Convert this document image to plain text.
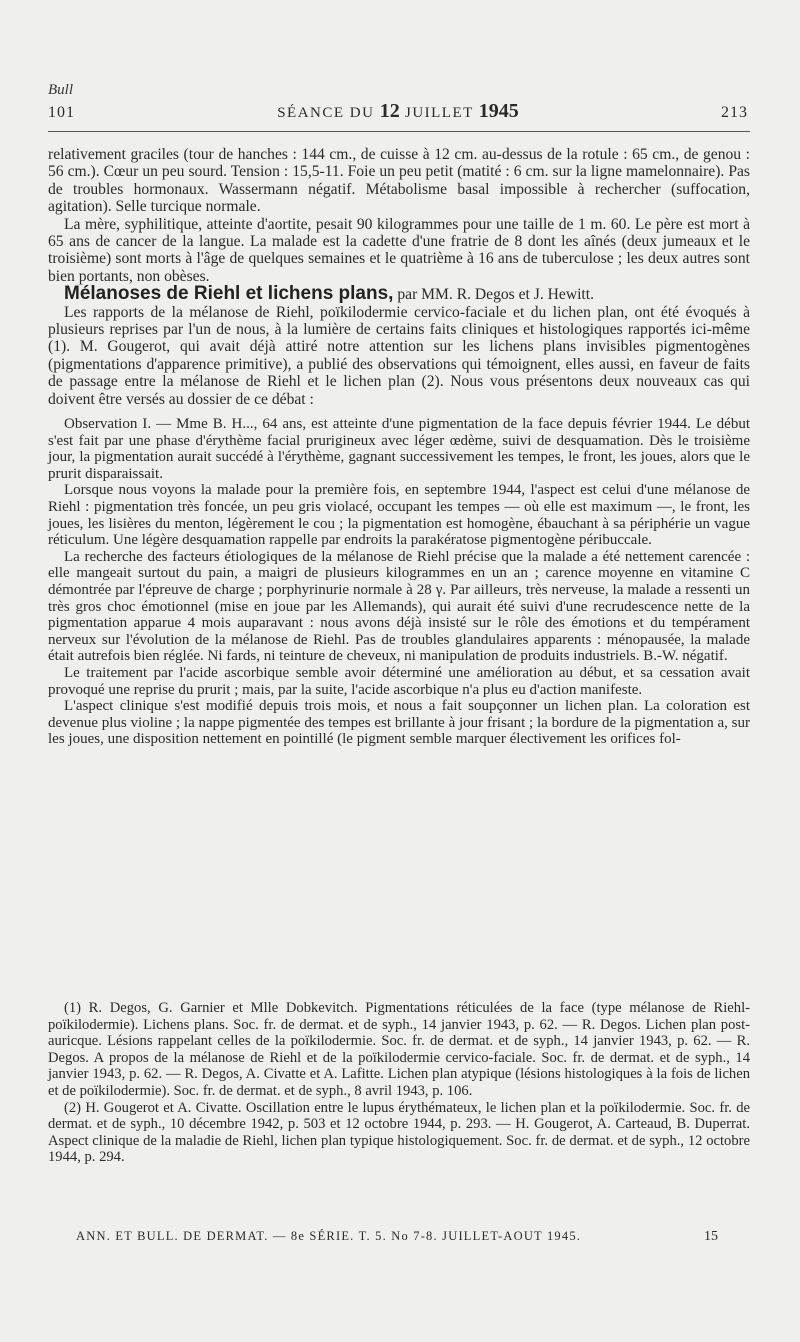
Bull
101	SÉANCE DU 12 JUILLET 1945	213

relativement graciles (tour de hanches : 144 cm., de cuisse à 12 cm. au-dessus de la rotule : 65 cm., de genou : 56 cm.). Cœur un peu sourd. Tension : 15,5-11. Foie un peu petit (matité : 6 cm. sur la ligne mamelonnaire). Pas de troubles hormonaux. Wassermann négatif. Métabolisme basal impossible à rechercher (suffocation, agitation). Selle turcique normale.

La mère, syphilitique, atteinte d'aortite, pesait 90 kilogrammes pour une taille de 1 m. 60. Le père est mort à 65 ans de cancer de la langue. La malade est la cadette d'une fratrie de 8 dont les aînés (deux jumeaux et le troisième) sont morts à l'âge de quelques semaines et le quatrième à 16 ans de tuberculose ; les deux autres sont bien portants, non obèses.

Mélanoses de Riehl et lichens plans, par MM. R. Degos et J. Hewitt.

Les rapports de la mélanose de Riehl, poïkilodermie cervico-faciale et du lichen plan, ont été évoqués à plusieurs reprises par l'un de nous, à la lumière de certains faits cliniques et histologiques rapportés ici-même (1). M. Gougerot, qui avait déjà attiré notre attention sur les lichens plans invisibles pigmentogènes (pigmentations d'apparence primitive), a publié des observations qui témoignent, elles aussi, en faveur de faits de passage entre la mélanose de Riehl et le lichen plan (2). Nous vous présentons deux nouveaux cas qui doivent être versés au dossier de ce débat :

Observation I. — Mme B. H..., 64 ans, est atteinte d'une pigmentation de la face depuis février 1944. Le début s'est fait par une phase d'érythème facial prurigineux avec léger œdème, suivi de desquamation. Dès le troisième jour, la pigmentation aurait succédé à l'érythème, gagnant successivement les tempes, le front, les joues, alors que le prurit disparaissait.

Lorsque nous voyons la malade pour la première fois, en septembre 1944, l'aspect est celui d'une mélanose de Riehl : pigmentation très foncée, un peu gris violacé, occupant les tempes — où elle est maximum —, le front, les joues, les lisières du menton, légèrement le cou ; la pigmentation est homogène, ébauchant à sa périphérie un vague réticulum. Une légère desquamation rappelle par endroits la parakératose pigmentogène péribuccale.

La recherche des facteurs étiologiques de la mélanose de Riehl précise que la malade a été nettement carencée : elle mangeait surtout du pain, a maigri de plusieurs kilogrammes en un an ; carence moyenne en vitamine C démontrée par l'épreuve de charge ; porphyrinurie normale à 28 γ. Par ailleurs, très nerveuse, la malade a ressenti un très gros choc émotionnel (mise en joue par les Allemands), qui aurait été suivi d'une recrudescence nette de la pigmentation apparue 4 mois auparavant : nous avons déjà insisté sur le rôle des émotions et du tempérament nerveux sur l'évolution de la mélanose de Riehl. Pas de troubles glandulaires apparents : ménopausée, la malade était autrefois bien réglée. Ni fards, ni teinture de cheveux, ni manipulation de produits industriels. B.-W. négatif.

Le traitement par l'acide ascorbique semble avoir déterminé une amélioration au début, et sa cessation avait provoqué une reprise du prurit ; mais, par la suite, l'acide ascorbique n'a plus eu d'action manifeste.

L'aspect clinique s'est modifié depuis trois mois, et nous a fait soupçonner un lichen plan. La coloration est devenue plus violine ; la nappe pigmentée des tempes est brillante à jour frisant ; la bordure de la pigmentation a, sur les joues, une disposition nettement en pointillé (le pigment semble marquer électivement les orifices fol-

(1) R. Degos, G. Garnier et Mlle Dobkevitch. Pigmentations réticulées de la face (type mélanose de Riehl-poïkilodermie). Lichens plans. Soc. fr. de dermat. et de syph., 14 janvier 1943, p. 62. — R. Degos. Lichen plan post-auricque. Lésions rappelant celles de la poïkilodermie. Soc. fr. de dermat. et de syph., 14 janvier 1943, p. 62. — R. Degos. A propos de la mélanose de Riehl et de la poïkilodermie cervico-faciale. Soc. fr. de dermat. et de syph., 14 janvier 1943, p. 62. — R. Degos, A. Civatte et A. Lafitte. Lichen plan atypique (lésions histologiques à la fois de lichen et de poïkilodermie). Soc. fr. de dermat. et de syph., 8 avril 1943, p. 106.

(2) H. Gougerot et A. Civatte. Oscillation entre le lupus érythémateux, le lichen plan et la poïkilodermie. Soc. fr. de dermat. et de syph., 10 décembre 1942, p. 503 et 12 octobre 1944, p. 293. — H. Gougerot, A. Carteaud, B. Duperrat. Aspect clinique de la maladie de Riehl, lichen plan typique histologiquement. Soc. fr. de dermat. et de syph., 12 octobre 1944, p. 294.

ANN. ET BULL. DE DERMAT. — 8e SÉRIE. T. 5. No 7-8. JUILLET-AOUT 1945.	15
